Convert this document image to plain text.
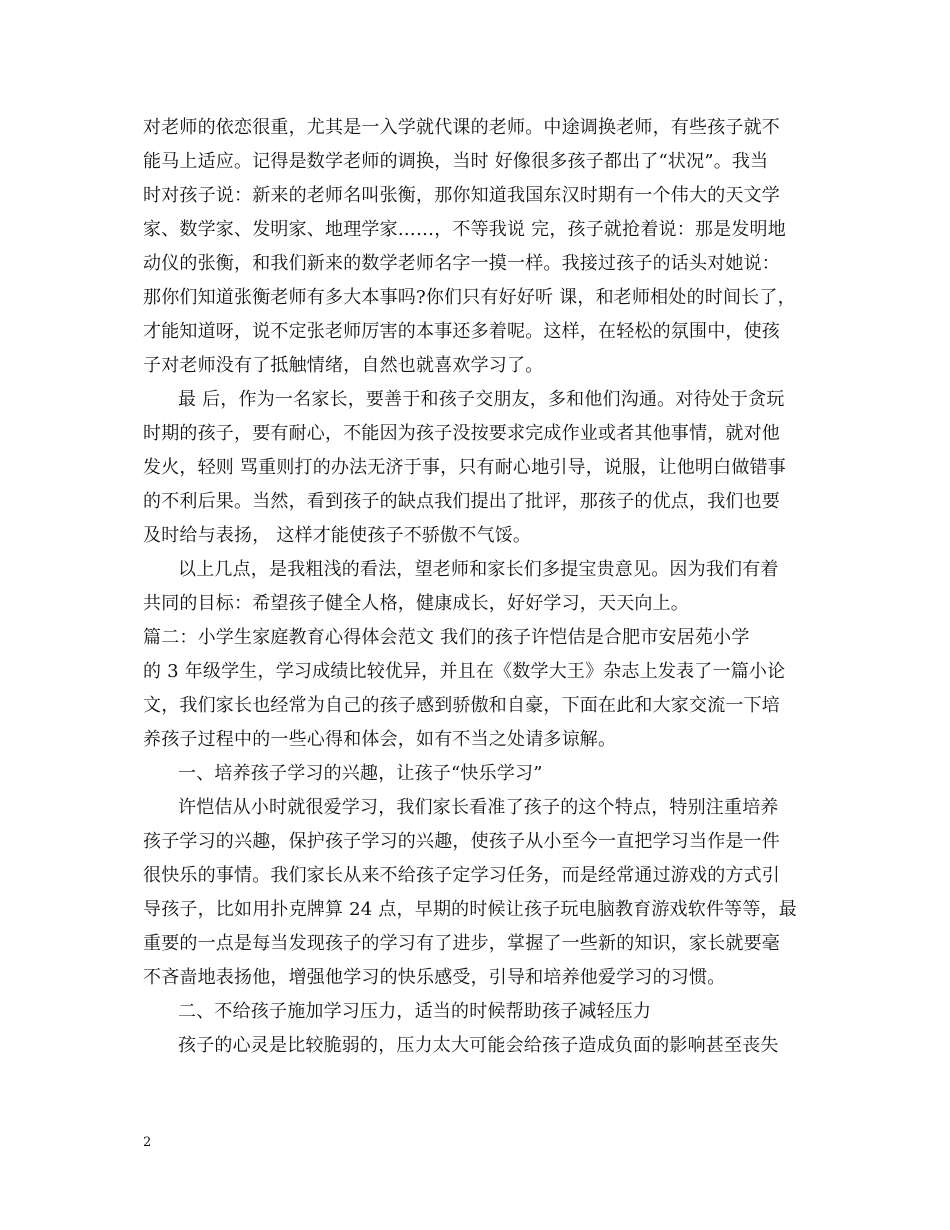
对老师的依恋很重，尤其是一入学就代课的老师。中途调换老师，有些孩子就不
能马上适应。记得是数学老师的调换，当时 好像很多孩子都出了“状况”。我当
时对孩子说：新来的老师名叫张衡，那你知道我国东汉时期有一个伟大的天文学
家、数学家、发明家、地理学家……，不等我说 完，孩子就抢着说：那是发明地
动仪的张衡，和我们新来的数学老师名字一摸一样。我接过孩子的话头对她说：
那你们知道张衡老师有多大本事吗?你们只有好好听 课，和老师相处的时间长了，
才能知道呀，说不定张老师厉害的本事还多着呢。这样，在轻松的氛围中，使孩
子对老师没有了抵触情绪，自然也就喜欢学习了。
最 后，作为一名家长，要善于和孩子交朋友，多和他们沟通。对待处于贪玩
时期的孩子，要有耐心，不能因为孩子没按要求完成作业或者其他事情，就对他
发火，轻则 骂重则打的办法无济于事，只有耐心地引导，说服，让他明白做错事
的不利后果。当然，看到孩子的缺点我们提出了批评，那孩子的优点，我们也要
及时给与表扬， 这样才能使孩子不骄傲不气馁。
以上几点，是我粗浅的看法，望老师和家长们多提宝贵意见。因为我们有着
共同的目标：希望孩子健全人格，健康成长，好好学习，天天向上。
篇二：小学生家庭教育心得体会范文 我们的孩子许恺佶是合肥市安居苑小学
的 3 年级学生，学习成绩比较优异，并且在《数学大王》杂志上发表了一篇小论
文，我们家长也经常为自己的孩子感到骄傲和自豪，下面在此和大家交流一下培
养孩子过程中的一些心得和体会，如有不当之处请多谅解。
一、培养孩子学习的兴趣，让孩子“快乐学习”
许恺佶从小时就很爱学习，我们家长看准了孩子的这个特点，特别注重培养
孩子学习的兴趣，保护孩子学习的兴趣，使孩子从小至今一直把学习当作是一件
很快乐的事情。我们家长从来不给孩子定学习任务，而是经常通过游戏的方式引
导孩子，比如用扑克牌算 24 点，早期的时候让孩子玩电脑教育游戏软件等等，最
重要的一点是每当发现孩子的学习有了进步，掌握了一些新的知识，家长就要毫
不吝啬地表扬他，增强他学习的快乐感受，引导和培养他爱学习的习惯。
二、不给孩子施加学习压力，适当的时候帮助孩子减轻压力
孩子的心灵是比较脆弱的，压力太大可能会给孩子造成负面的影响甚至丧失
2
